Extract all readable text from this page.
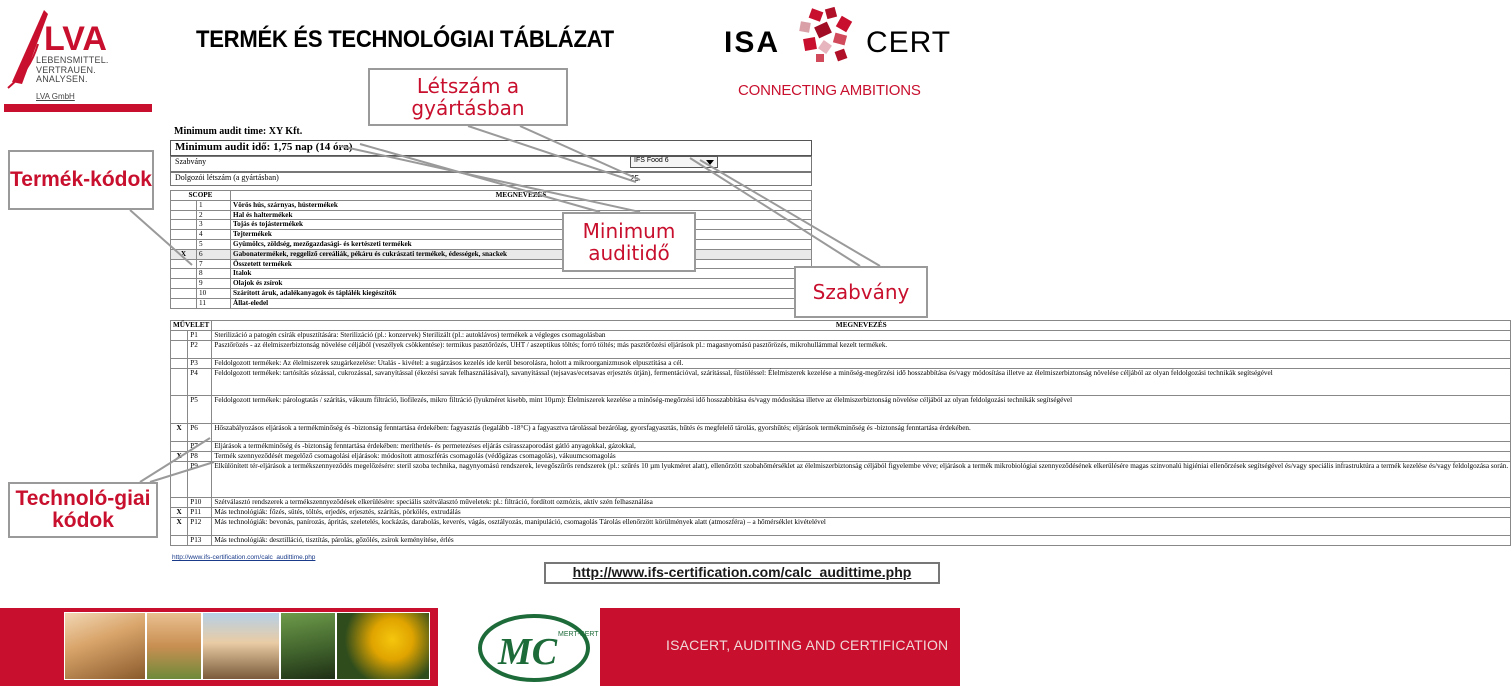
LVA
LEBENSMITTEL.
VERTRAUEN.
ANALYSEN.
LVA GmbH
TERMÉK ÉS TECHNOLÓGIAI TÁBLÁZAT	ISA	CERT
CONNECTING AMBITIONS
Minimum audit time: XY Kft.
Minimum audit idő: 1,75 nap (14 óra)
Szabvány	IFS Food 6
Dolgozói létszám (a gyártásban)	25
SCOPE		MEGNEVEZÉS
	1	Vörös hús, szárnyas, hústermékek
	2	Hal és haltermékek
	3	Tojás és tojástermékek
	4	Tejtermékek
	5	Gyümölcs, zöldség, mezőgazdasági- és kertészeti termékek
X	6	Gabonatermékek, reggeliző cereáliák, pékáru és cukrászati termékek, édességek, snackek
	7	Összetett termékek
	8	Italok
	9	Olajok és zsírok
	10	Szárított áruk, adalékanyagok és táplálék kiegészítők
	11	Állat-eledel
MŰVELET		MEGNEVEZÉS
	P1	Sterilizáció a patogén csírák elpusztítására: Sterilizáció (pl.: konzervek) Sterilizált (pl.: autoklávos) termékek a végleges csomagolásban

	P2	Pasztőrözés - az élelmiszerbiztonság növelése céljából (veszélyek csökkentése): termikus pasztőrözés, UHT / aszeptikus töltés; forró töltés; más pasztőrözési eljárások pl.: magasnyomású pasztőrözés, mikrohullámmal kezelt termékek.

	P3	Feldolgozott termékek: Az élelmiszerek szugárkezelése: Utalás - kivétel: a sugárzásos kezelés ide kerül besorolásra, holott a mikroorganizmusok elpusztítása a cél.

	P4	Feldolgozott termékek: tartósítás sózással, cukrozással, savanyítással (ékezési savak felhasználásával), savanyítással (tejsavas/ecetsavas erjesztés útján), fermentációval, szárítással, füstöléssel: Élelmiszerek kezelése a minőség-megőrzési idő hosszabbítása és/vagy módosítása illetve az élelmiszerbiztonság növelése céljából az olyan feldolgozási technikák segítségével

	P5	Feldolgozott termékek: párologtatás / szárítás, vákuum filtráció, liofilezés, mikro filtráció (lyukméret kisebb, mint 10µm): Élelmiszerek kezelése a minőség-megőrzési idő hosszabbítása és/vagy módosítása illetve az élelmiszerbiztonság növelése céljából az olyan feldolgozási technikák segítségével

X	P6	Hőszabályozásos eljárások a termékminőség és -biztonság fenntartása érdekében: fagyasztás (legalább -18°C) a fagyasztva tárolással bezárólag, gyorsfagyasztás, hűtés és megfelelő tárolás, gyorshűtés; eljárások termékminőség és -biztonság fenntartása érdekében.

	P7	Eljárások a termékminőség és -biztonság fenntartása érdekében: meríthetés- és permetezéses eljárás csírasszaporodást gátló anyagokkal, gázokkal,

X	P8	Termék szennyeződését megelőző csomagolási eljárások: módosított atmoszférás csomagolás (védőgázas csomagolás), vákuumcsomagolás

	P9	Elkülönített tér-eljárások a termékszennyeződés megelőzésére: steril szoba technika, nagynyomású rendszerek, levegőszűrős rendszerek (pl.: szűrés 10 µm lyukméret alatt), ellenőrzött szobahőmérséklet az élelmiszerbiztonság céljából figyelembe véve; eljárások a termék mikrobiológiai szennyeződésének elkerülésére magas szinvonalú higiéniai ellenőrzések segítségével és/vagy speciális infrastruktúra a termék kezelése és/vagy feldolgozása során.

	P10	Szétválasztó rendszerek a termékszennyeződések elkerülésére: speciális szétválasztó műveletek: pl.: filtráció, fordított ozmózis, aktív szén felhasználása

X	P11	Más technológiák: főzés, sütés, töltés, erjedés, erjesztés, szárítás, pörkölés, extrudálás

X	P12	Más technológiák: bevonás, panírozás, ápritás, szeletelés, kockázás, darabolás, keverés, vágás, osztályozás, manipuláció, csomagolás Tárolás ellenőrzött körülmények alatt (atmoszféra) – a hőmérséklet kivételével

	P13	Más technológiák: desztilláció, tisztítás, párolás, gőzölés, zsírok keményítése, érlés
http://www.ifs-certification.com/calc_audittime.php
Létszám a gyártásban
Termék-kódok
Minimum auditidő
Szabvány
Technoló-giai kódok
http://www.ifs-certification.com/calc_audittime.php
MC MERT-CERT
ISACERT, AUDITING AND CERTIFICATION
